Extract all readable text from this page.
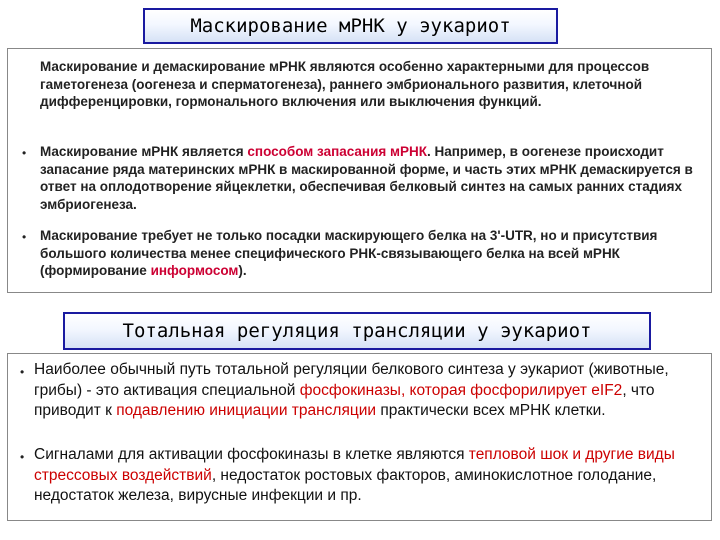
Маскирование мРНК у эукариот

Маскирование и демаскирование мРНК являются особенно характерными для процессов гаметогенеза (оогенеза и сперматогенеза), раннего эмбрионального развития, клеточной дифференцировки, гормонального включения или выключения функций.

• Маскирование мРНК является способом запасания мРНК. Например, в оогенезе происходит запасание ряда материнских мРНК в маскированной форме, и часть этих мРНК демаскируется в ответ на оплодотворение яйцеклетки, обеспечивая белковый синтез на самых ранних стадиях эмбриогенеза.

• Маскирование требует не только посадки маскирующего белка на 3'-UTR, но и присутствия большого количества менее специфического РНК-связывающего белка на всей мРНК (формирование информосом).

Тотальная регуляция трансляции у эукариот
• Наиболее обычный путь тотальной регуляции белкового синтеза у эукариот (животные, грибы) - это активация специальной фосфокиназы, которая фосфорилирует eIF2, что приводит к подавлению инициации трансляции практически всех мРНК клетки.

• Сигналами для активации фосфокиназы в клетке являются тепловой шок и другие виды стрессовых воздействий, недостаток ростовых факторов, аминокислотное голодание, недостаток железа, вирусные инфекции и пр.
